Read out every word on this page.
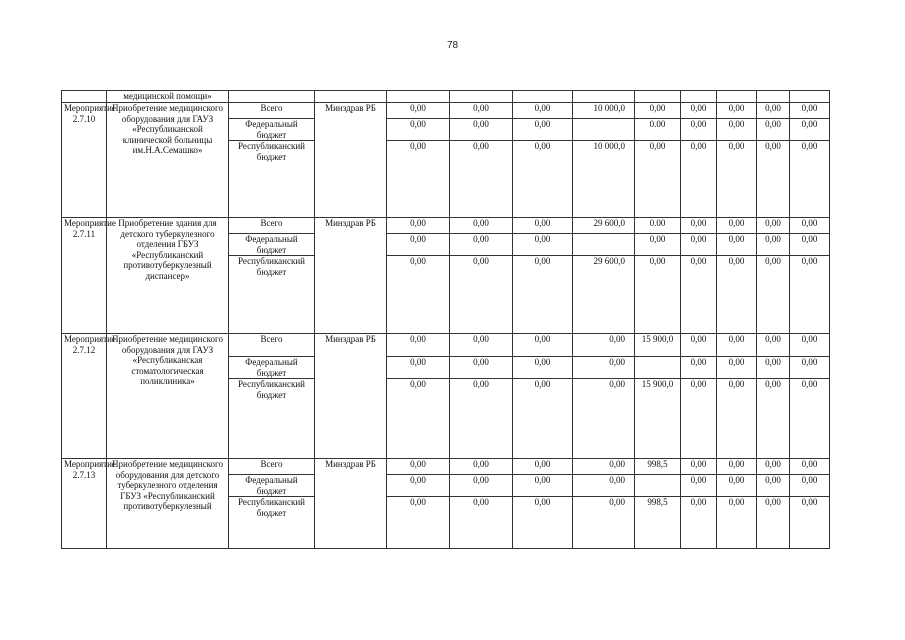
78
	медицинской помощи»											
Мероприятие 2.7.10	Приобретение медицинского оборудования для ГАУЗ «Республиканской клинической больницы им.Н.А.Семашко»	Всего	Минздрав РБ	0,00	0,00	0,00	10 000,0	0,00	0,00	0,00	0,00	0,00
		Федеральный бюджет		0,00	0,00	0,00		0.00	0,00	0,00	0,00	0,00
		Республиканский бюджет		0,00	0,00	0,00	10 000,0	0,00	0,00	0,00	0,00	0,00
Мероприятие 2.7.11	Приобретение здания для детского туберкулезного отделения ГБУЗ «Республиканский противотуберкулезный диспансер»	Всего	Минздрав РБ	0,00	0,00	0,00	29 600,0	0.00	0,00	0,00	0,00	0,00
		Федеральный бюджет		0,00	0,00	0,00		0,00	0,00	0,00	0,00	0,00
		Республиканский бюджет		0,00	0,00	0,00	29 600,0	0,00	0,00	0,00	0,00	0,00
Мероприятие 2.7.12	Приобретение медицинского оборудования для ГАУЗ «Республиканская стоматологическая поликлиника»	Всего	Минздрав РБ	0,00	0,00	0,00	0,00	15 900,0	0,00	0,00	0,00	0,00
		Федеральный бюджет		0,00	0,00	0,00	0,00		0,00	0,00	0,00	0,00
		Республиканский бюджет		0,00	0,00	0,00	0,00	15 900,0	0,00	0,00	0,00	0,00
Мероприятие 2.7.13	Приобретение медицинского оборудования для детского туберкулезного отделения ГБУЗ «Республиканский противотуберкулезный	Всего	Минздрав РБ	0,00	0,00	0,00	0,00	998,5	0,00	0,00	0,00	0,00
		Федеральный бюджет		0,00	0,00	0,00	0,00		0,00	0,00	0,00	0,00
		Республиканский бюджет		0,00	0,00	0,00	0,00	998,5	0,00	0,00	0,00	0,00
